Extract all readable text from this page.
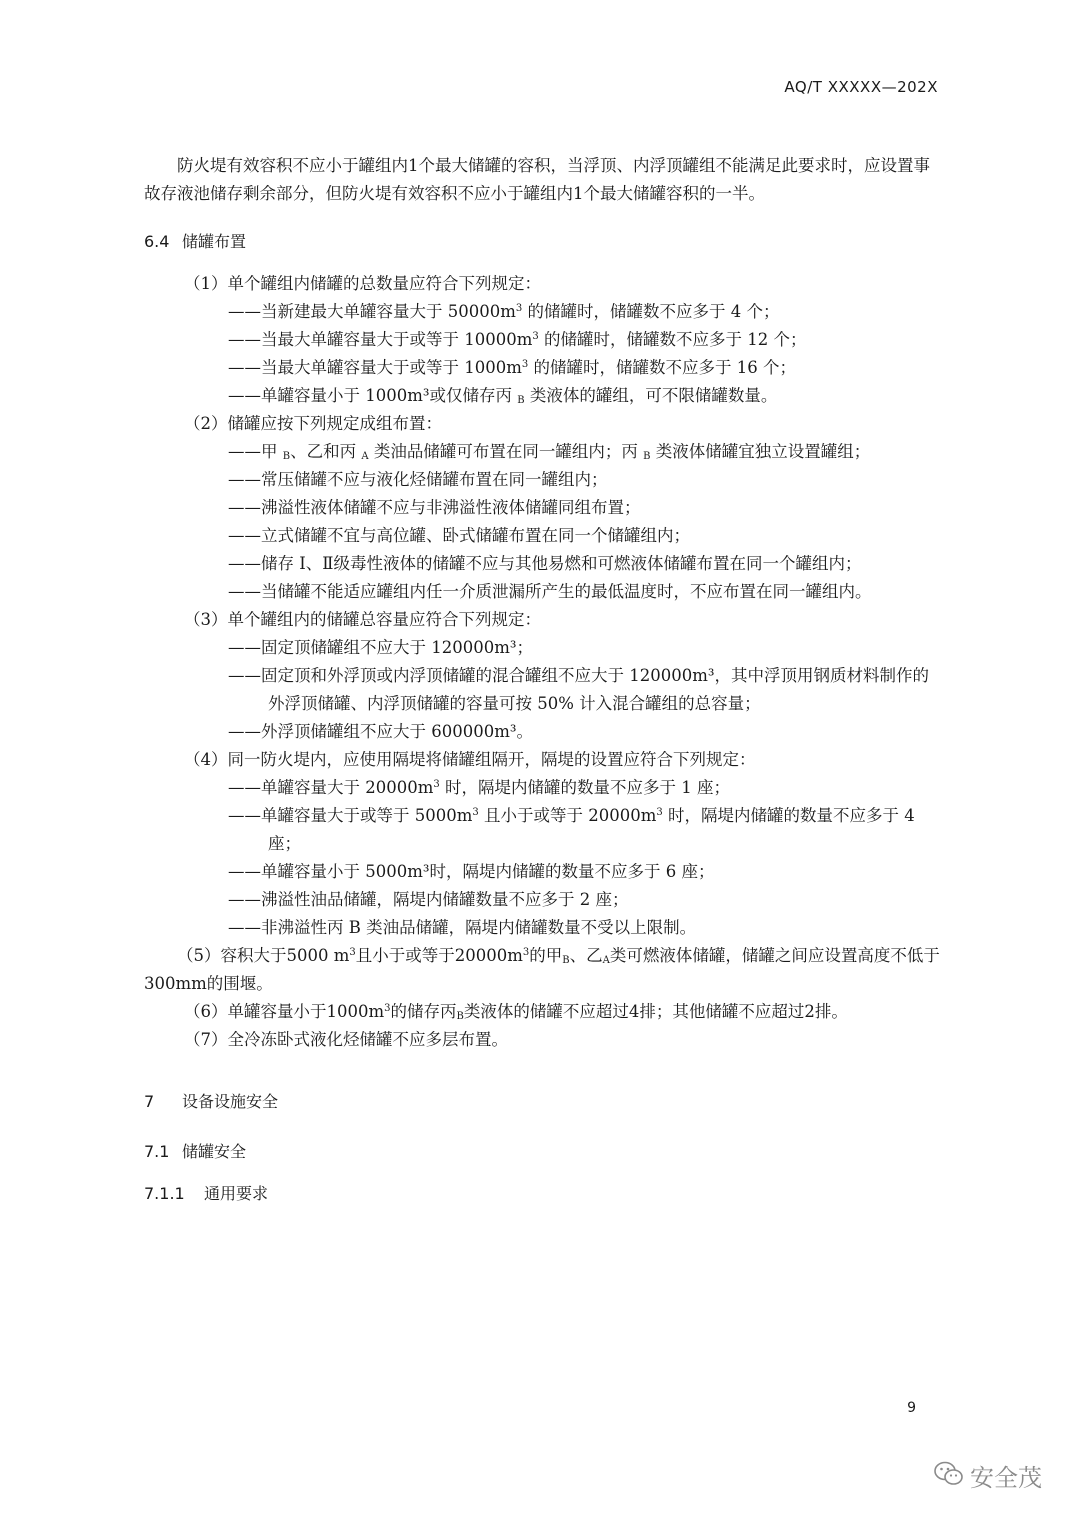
AQ/T XXXXX—202X

防火堤有效容积不应小于罐组内1个最大储罐的容积，当浮顶、内浮顶罐组不能满足此要求时，应设置事故存液池储存剩余部分，但防火堤有效容积不应小于罐组内1个最大储罐容积的一半。

6.4 储罐布置

（1）单个罐组内储罐的总数量应符合下列规定：

——当新建最大单罐容量大于 $50000m^3$ 的储罐时，储罐数不应多于 4 个；

——当最大单罐容量大于或等于 $10000m^3$ 的储罐时，储罐数不应多于 12 个；

——当最大单罐容量大于或等于 $1000m^3$ 的储罐时，储罐数不应多于 16 个；

——单罐容量小于 1000m³或仅储存丙 $_B$ 类液体的罐组，可不限储罐数量。

（2）储罐应按下列规定成组布置：

——甲 $_B$、乙和丙 $_A$ 类油品储罐可布置在同一罐组内；丙 $_B$ 类液体储罐宜独立设置罐组；

——常压储罐不应与液化烃储罐布置在同一罐组内；

——沸溢性液体储罐不应与非沸溢性液体储罐同组布置；

——立式储罐不宜与高位罐、卧式储罐布置在同一个储罐组内；

——储存 I、Ⅱ级毒性液体的储罐不应与其他易燃和可燃液体储罐布置在同一个罐组内；

——当储罐不能适应罐组内任一介质泄漏所产生的最低温度时，不应布置在同一罐组内。

（3）单个罐组内的储罐总容量应符合下列规定：

——固定顶储罐组不应大于 120000m³；

——固定顶和外浮顶或内浮顶储罐的混合罐组不应大于 120000m³，其中浮顶用钢质材料制作的外浮顶储罐、内浮顶储罐的容量可按 50% 计入混合罐组的总容量；

——外浮顶储罐组不应大于 600000m³。

（4）同一防火堤内，应使用隔堤将储罐组隔开，隔堤的设置应符合下列规定：

——单罐容量大于 $20000m^3$ 时，隔堤内储罐的数量不应多于 1 座；

——单罐容量大于或等于 $5000m^3$ 且小于或等于 $20000m^3$ 时，隔堤内储罐的数量不应多于 4 座；

——单罐容量小于 5000m³时，隔堤内储罐的数量不应多于 6 座；

——沸溢性油品储罐，隔堤内储罐数量不应多于 2 座；

——非沸溢性丙 B 类油品储罐，隔堤内储罐数量不受以上限制。

（5）容积大于5000 $m^3$且小于或等于$20000m^3$的甲$_B$、乙$_A$类可燃液体储罐，储罐之间应设置高度不低于300mm的围堰。

（6）单罐容量小于$1000m^3$的储存丙$_B$类液体的储罐不应超过4排；其他储罐不应超过2排。

（7）全冷冻卧式液化烃储罐不应多层布置。

7 设备设施安全
7.1 储罐安全
7.1.1 通用要求
9
安全茂
